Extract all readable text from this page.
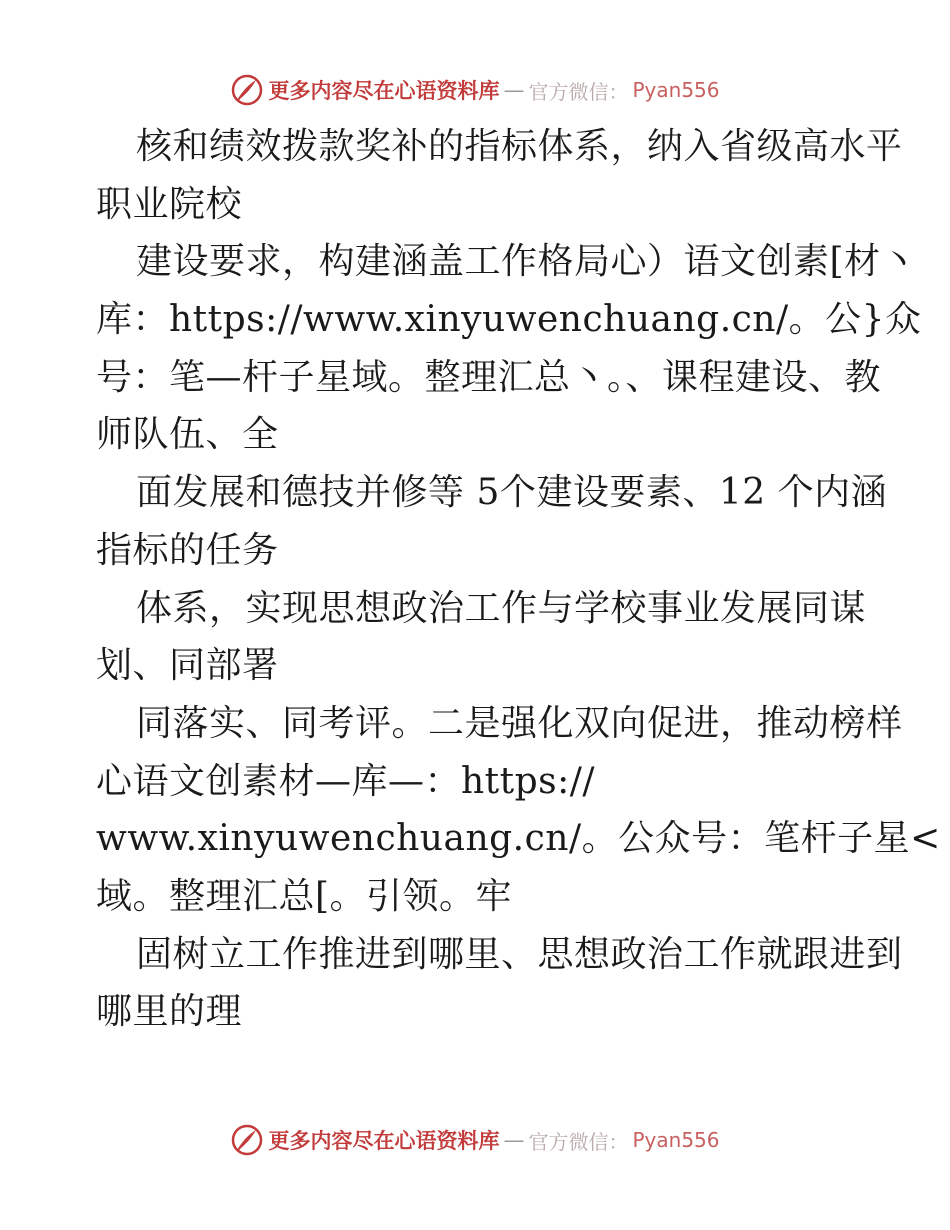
更多内容尽在心语资料库 — 官方微信： Pyan556
核和绩效拨款奖补的指标体系，纳入省级高水平
职业院校
建设要求，构建涵盖工作格局心）语文创素[材丶
库：https://www.xinyuwenchuang.cn/。公}众
号：笔—杆子星域。整理汇总丶。、课程建设、教
师队伍、全
面发展和德技并修等 5个建设要素、12 个内涵
指标的任务
体系，实现思想政治工作与学校事业发展同谋
划、同部署
同落实、同考评。二是强化双向促进，推动榜样
心语文创素材—库—：https://
www.xinyuwenchuang.cn/。公众号：笔杆子星<
域。整理汇总[。引领。牢
固树立工作推进到哪里、思想政治工作就跟进到
哪里的理
更多内容尽在心语资料库 — 官方微信： Pyan556
